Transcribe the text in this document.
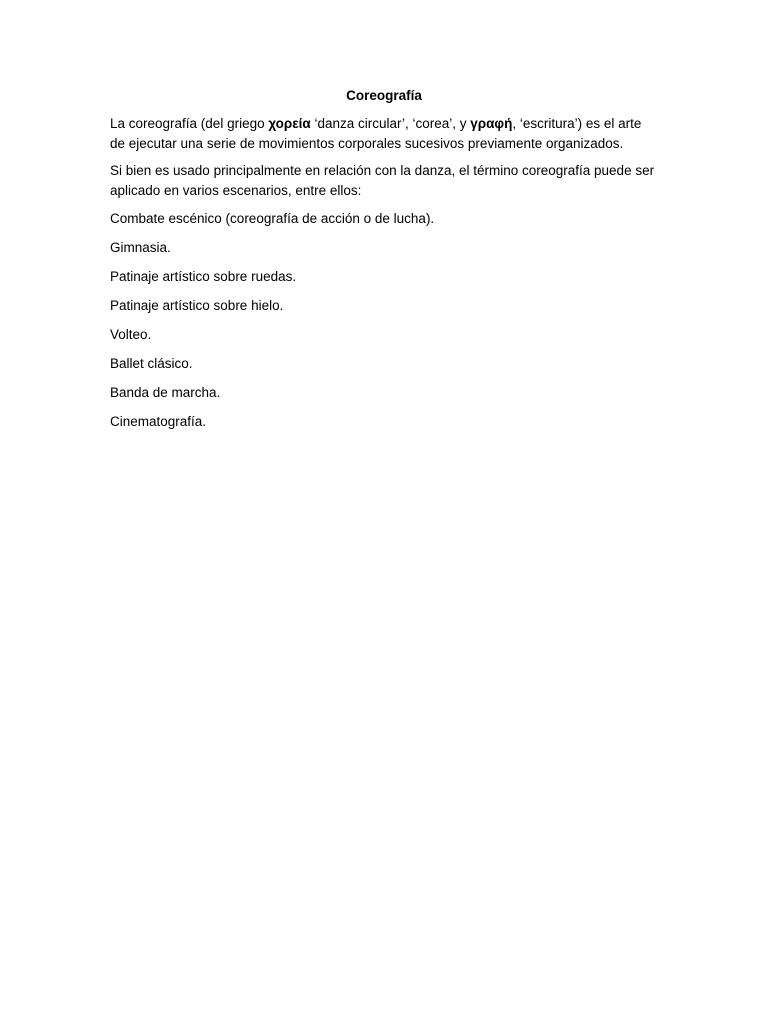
Coreografía

La coreografía (del griego χορεία ‘danza circular’, ‘corea’, y γραφή, ‘escritura’) es el arte de ejecutar una serie de movimientos corporales sucesivos previamente organizados.

Si bien es usado principalmente en relación con la danza, el término coreografía puede ser aplicado en varios escenarios, entre ellos:

Combate escénico (coreografía de acción o de lucha).

Gimnasia.

Patinaje artístico sobre ruedas.

Patinaje artístico sobre hielo.

Volteo.

Ballet clásico.

Banda de marcha.

Cinematografía.
